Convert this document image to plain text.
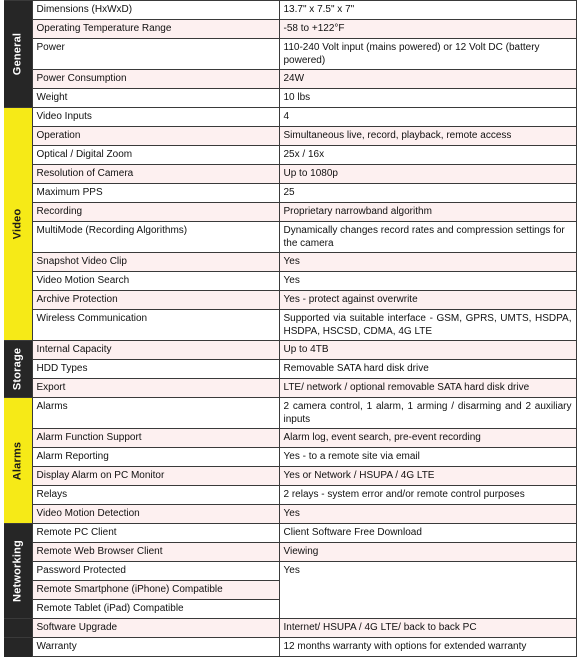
General	Dimensions (HxWxD)	13.7" x 7.5" x 7"
	Operating Temperature Range	-58 to +122°F
	Power	110-240 Volt input (mains powered) or 12 Volt DC (battery powered)
	Power Consumption	24W
	Weight	10 lbs

Video	Video Inputs	4
	Operation	Simultaneous live, record, playback, remote access
	Optical / Digital Zoom	25x / 16x
	Resolution of Camera	Up to 1080p
	Maximum PPS	25
	Recording	Proprietary narrowband algorithm
	MultiMode (Recording Algorithms)	Dynamically changes record rates and compression settings for the camera
	Snapshot Video Clip	Yes
	Video Motion Search	Yes
	Archive Protection	Yes - protect against overwrite
	Wireless Communication	Supported via suitable interface - GSM, GPRS, UMTS, HSDPA, HSDPA, HSCSD, CDMA, 4G LTE

Storage	Internal Capacity	Up to 4TB
	HDD Types	Removable SATA hard disk drive
	Export	LTE/ network / optional removable SATA hard disk drive

Alarms	Alarms	2 camera control, 1 alarm, 1 arming / disarming and 2 auxiliary inputs
	Alarm Function Support	Alarm log, event search, pre-event recording
	Alarm Reporting	Yes - to a remote site via email
	Display Alarm on PC Monitor	Yes or Network / HSUPA / 4G LTE
	Relays	2 relays - system error and/or remote control purposes
	Video Motion Detection	Yes

Networking	Remote PC Client	Client Software Free Download
	Remote Web Browser Client	Viewing
	Password Protected	Yes
	Remote Smartphone (iPhone) Compatible	
	Remote Tablet (iPad) Compatible	
	Software Upgrade	Internet/ HSUPA / 4G LTE/ back to back PC
	Warranty	12 months warranty with options for extended warranty
